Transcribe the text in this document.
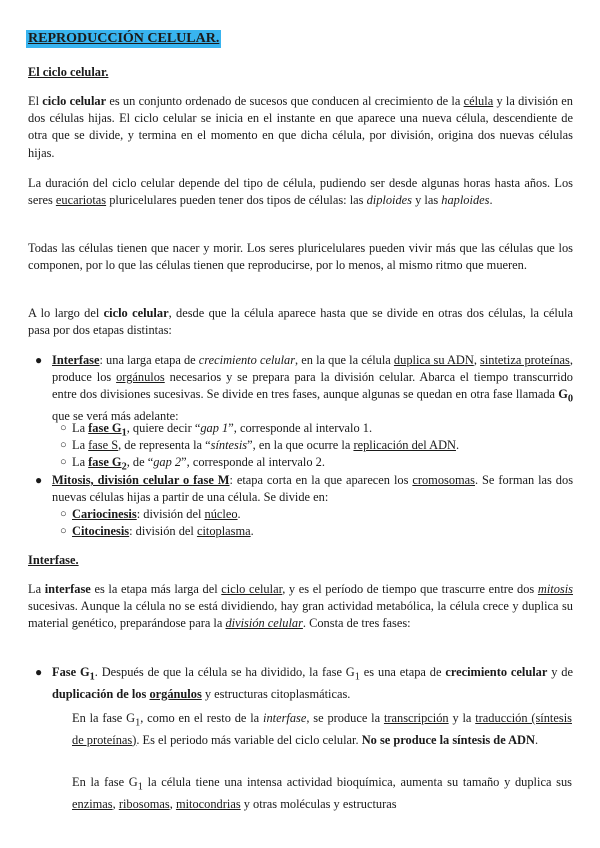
REPRODUCCIÓN CELULAR.
El ciclo celular.

El ciclo celular es un conjunto ordenado de sucesos que conducen al crecimiento de la célula y la división en dos células hijas. El ciclo celular se inicia en el instante en que aparece una nueva célula, descendiente de otra que se divide, y termina en el momento en que dicha célula, por división, origina dos nuevas células hijas.

La duración del ciclo celular depende del tipo de célula, pudiendo ser desde algunas horas hasta años. Los seres eucariotas pluricelulares pueden tener dos tipos de células: las diploides y las haploides.

Todas las células tienen que nacer y morir. Los seres pluricelulares pueden vivir más que las células que los componen, por lo que las células tienen que reproducirse, por lo menos, al mismo ritmo que mueren.

A lo largo del ciclo celular, desde que la célula aparece hasta que se divide en otras dos células, la célula pasa por dos etapas distintas:

● Interfase: una larga etapa de crecimiento celular, en la que la célula duplica su ADN, sintetiza proteínas, produce los orgánulos necesarios y se prepara para la división celular. Abarca el tiempo transcurrido entre dos divisiones sucesivas. Se divide en tres fases, aunque algunas se quedan en otra fase llamada $G_0$ que se verá más adelante:
○ La fase $G_1$, quiere decir “gap 1”, corresponde al intervalo 1.
○ La fase S, de representa la “síntesis”, en la que ocurre la replicación del ADN.
○ La fase $G_2$, de “gap 2”, corresponde al intervalo 2.
● Mitosis, división celular o fase M: etapa corta en la que aparecen los cromosomas. Se forman las dos nuevas células hijas a partir de una célula. Se divide en:
○ Cariocinesis: división del núcleo.
○ Citocinesis: división del citoplasma.
Interfase.

La interfase es la etapa más larga del ciclo celular, y es el período de tiempo que trascurre entre dos mitosis sucesivas. Aunque la célula no se está dividiendo, hay gran actividad metabólica, la célula crece y duplica su material genético, preparándose para la división celular. Consta de tres fases:

● Fase $G_1$. Después de que la célula se ha dividido, la fase $G_1$ es una etapa de crecimiento celular y de duplicación de los orgánulos y estructuras citoplasmáticas.

En la fase $G_1$, como en el resto de la interfase, se produce la transcripción y la traducción (síntesis de proteínas). Es el periodo más variable del ciclo celular. No se produce la síntesis de ADN.

En la fase $G_1$ la célula tiene una intensa actividad bioquímica, aumenta su tamaño y duplica sus enzimas, ribosomas, mitocondrias y otras moléculas y estructuras
